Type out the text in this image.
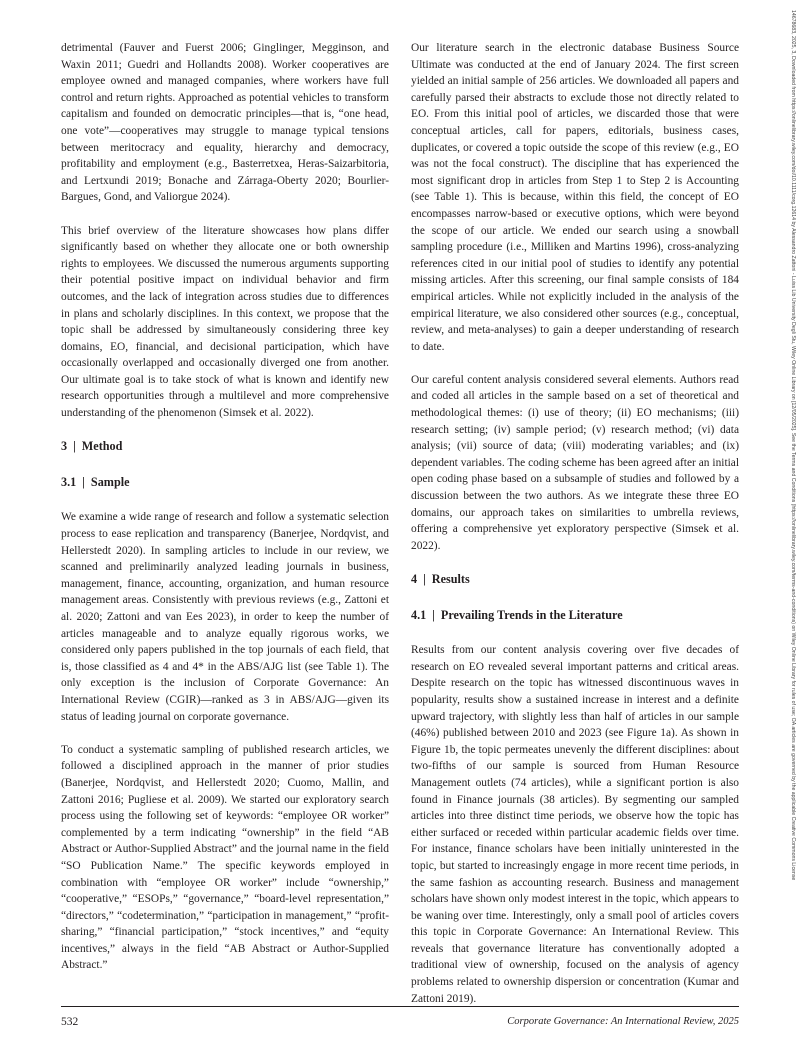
detrimental (Fauver and Fuerst 2006; Ginglinger, Megginson, and Waxin 2011; Guedri and Hollandts 2008). Worker cooperatives are employee owned and managed companies, where workers have full control and return rights. Approached as potential vehicles to transform capitalism and founded on democratic principles—that is, “one head, one vote”—cooperatives may struggle to manage typical tensions between meritocracy and equality, hierarchy and democracy, profitability and employment (e.g., Basterretxea, Heras-Saizarbitoria, and Lertxundi 2019; Bonache and Zárraga-Oberty 2020; Bourlier-Bargues, Gond, and Valiorgue 2024).

This brief overview of the literature showcases how plans differ significantly based on whether they allocate one or both ownership rights to employees. We discussed the numerous arguments supporting their potential positive impact on individual behavior and firm outcomes, and the lack of integration across studies due to differences in plans and scholarly disciplines. In this context, we propose that the topic shall be addressed by simultaneously considering three key domains, EO, financial, and decisional participation, which have occasionally overlapped and occasionally diverged one from another. Our ultimate goal is to take stock of what is known and identify new research opportunities through a multilevel and more comprehensive understanding of the phenomenon (Simsek et al. 2022).

3 | Method
3.1 | Sample

We examine a wide range of research and follow a systematic selection process to ease replication and transparency (Banerjee, Nordqvist, and Hellerstedt 2020). In sampling articles to include in our review, we scanned and preliminarily analyzed leading journals in business, management, finance, accounting, organization, and human resource management areas. Consistently with previous reviews (e.g., Zattoni et al. 2020; Zattoni and van Ees 2023), in order to keep the number of articles manageable and to analyze equally rigorous works, we considered only papers published in the top journals of each field, that is, those classified as 4 and 4* in the ABS/AJG list (see Table 1). The only exception is the inclusion of Corporate Governance: An International Review (CGIR)—ranked as 3 in ABS/AJG—given its status of leading journal on corporate governance.

To conduct a systematic sampling of published research articles, we followed a disciplined approach in the manner of prior studies (Banerjee, Nordqvist, and Hellerstedt 2020; Cuomo, Mallin, and Zattoni 2016; Pugliese et al. 2009). We started our exploratory search process using the following set of keywords: “employee OR worker” complemented by a term indicating “ownership” in the field “AB Abstract or Author-Supplied Abstract” and the journal name in the field “SO Publication Name.” The specific keywords employed in combination with “employee OR worker” include “ownership,” “cooperative,” “ESOPs,” “governance,” “board-level representation,” “directors,” “codetermination,” “participation in management,” “profit-sharing,” “financial participation,” “stock incentives,” and “equity incentives,” always in the field “AB Abstract or Author-Supplied Abstract.”

Our literature search in the electronic database Business Source Ultimate was conducted at the end of January 2024. The first screen yielded an initial sample of 256 articles. We downloaded all papers and carefully parsed their abstracts to exclude those not directly related to EO. From this initial pool of articles, we discarded those that were conceptual articles, call for papers, editorials, business cases, duplicates, or covered a topic outside the scope of this review (e.g., EO was not the focal construct). The discipline that has experienced the most significant drop in articles from Step 1 to Step 2 is Accounting (see Table 1). This is because, within this field, the concept of EO encompasses narrow-based or executive options, which were beyond the scope of our article. We ended our search using a snowball sampling procedure (i.e., Milliken and Martins 1996), cross-analyzing references cited in our initial pool of studies to identify any potential missing articles. After this screening, our final sample consists of 184 empirical articles. While not explicitly included in the analysis of the empirical literature, we also considered other sources (e.g., conceptual, review, and meta-analyses) to gain a deeper understanding of research to date.

Our careful content analysis considered several elements. Authors read and coded all articles in the sample based on a set of theoretical and methodological themes: (i) use of theory; (ii) EO mechanisms; (iii) research setting; (iv) sample period; (v) research method; (vi) data analysis; (vii) source of data; (viii) moderating variables; and (ix) dependent variables. The coding scheme has been agreed after an initial open coding phase based on a subsample of studies and followed by a discussion between the two authors. As we integrate these three EO domains, our approach takes on similarities to umbrella reviews, offering a comprehensive yet exploratory perspective (Simsek et al. 2022).

4 | Results
4.1 | Prevailing Trends in the Literature

Results from our content analysis covering over five decades of research on EO revealed several important patterns and critical areas. Despite research on the topic has witnessed discontinuous waves in popularity, results show a sustained increase in interest and a definite upward trajectory, with slightly less than half of articles in our sample (46%) published between 2010 and 2023 (see Figure 1a). As shown in Figure 1b, the topic permeates unevenly the different disciplines: about two-fifths of our sample is sourced from Human Resource Management outlets (74 articles), while a significant portion is also found in Finance journals (38 articles). By segmenting our sampled articles into three distinct time periods, we observe how the topic has either surfaced or receded within particular academic fields over time. For instance, finance scholars have been initially uninterested in the topic, but started to increasingly engage in more recent time periods, in the same fashion as accounting research. Business and management scholars have shown only modest interest in the topic, which appears to be waning over time. Interestingly, only a small pool of articles covers this topic in Corporate Governance: An International Review. This reveals that governance literature has conventionally adopted a traditional view of ownership, focused on the analysis of agency problems related to ownership dispersion or concentration (Kumar and Zattoni 2019).

532	Corporate Governance: An International Review, 2025
14678683, 2025, 3, Downloaded from https://onlinelibrary.wiley.com/doi/10.1111/corg.12614 by Alessandro Zattoni - Luiss Lib University Degli Stu, Wiley Online Library on [12/05/2025]. See the Terms and Conditions (https://onlinelibrary.wiley.com/terms-and-conditions) on Wiley Online Library for rules of use; OA articles are governed by the applicable Creative Commons License
